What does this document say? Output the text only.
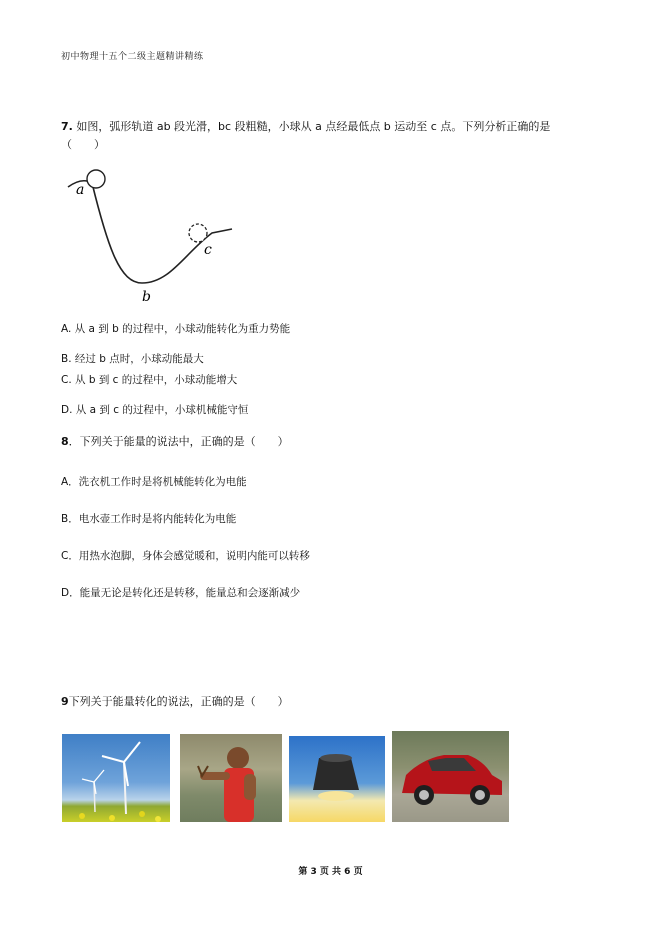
初中物理十五个二级主题精讲精练
7. 如图，弧形轨道 ab 段光滑，bc 段粗糙，小球从 a 点经最低点 b 运动至 c 点。下列分析正确的是
（　　）
a
c
b
A. 从 a 到 b 的过程中，小球动能转化为重力势能
B. 经过 b 点时，小球动能最大
C. 从 b 到 c 的过程中，小球动能增大
D. 从 a 到 c 的过程中，小球机械能守恒
8．下列关于能量的说法中，正确的是（　　）
A．洗衣机工作时是将机械能转化为电能
B．电水壶工作时是将内能转化为电能
C．用热水泡脚，身体会感觉暖和，说明内能可以转移
D．能量无论是转化还是转移，能量总和会逐渐减少
9下列关于能量转化的说法，正确的是（　　）
第 3 页 共 6 页
